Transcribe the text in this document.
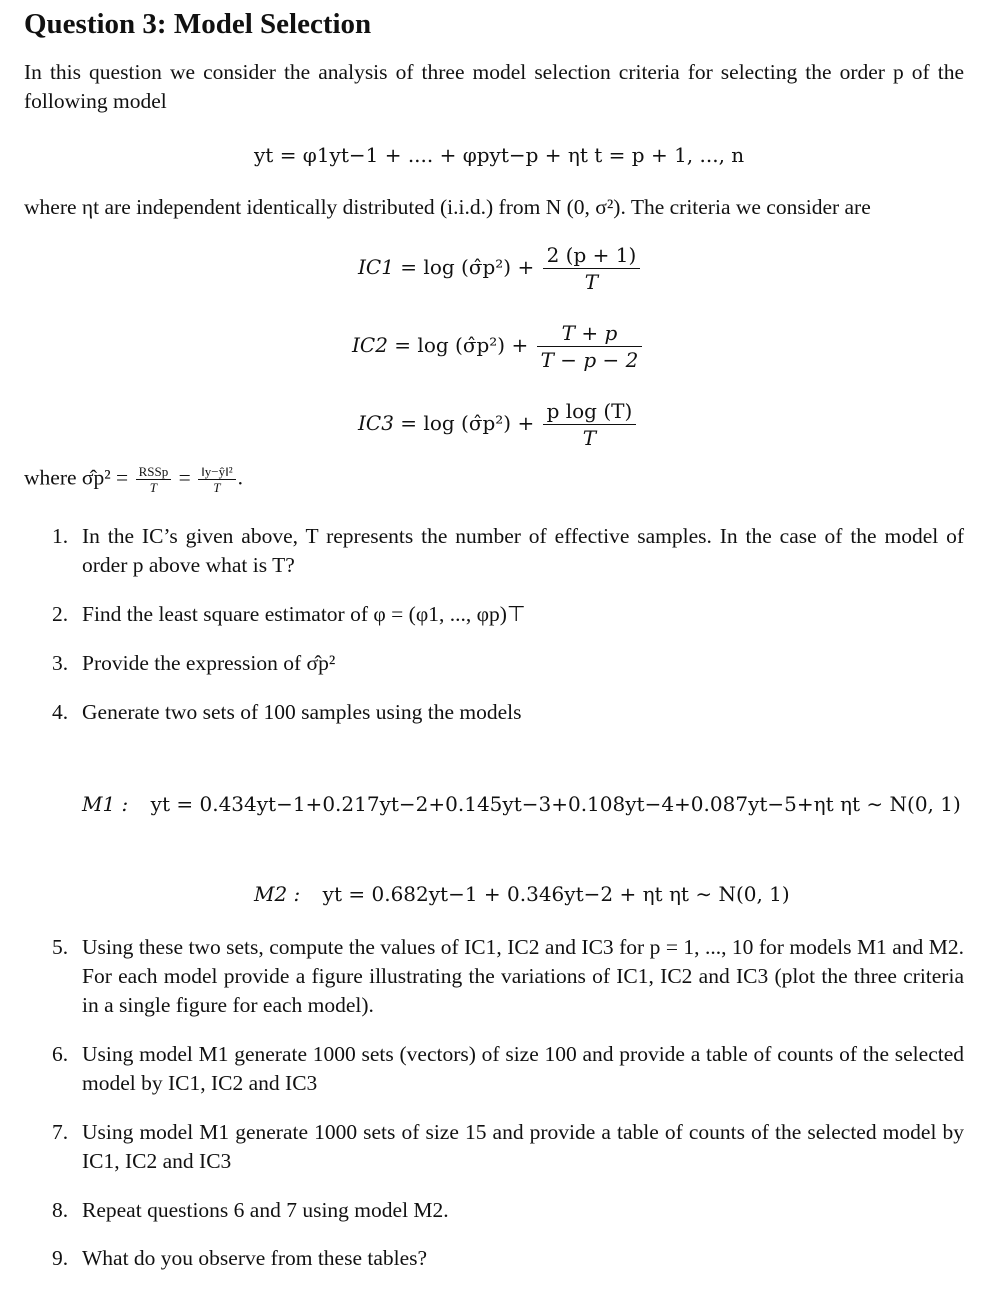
Question 3: Model Selection
In this question we consider the analysis of three model selection criteria for selecting the order p of the following model
yt = φ1yt−1 + .... + φpyt−p + ηt t = p + 1, ..., n
where ηt are independent identically distributed (i.i.d.) from N (0, σ²). The criteria we consider are
IC1 = log (σ̂p²) + $\frac{2 (p + 1)}{T}$
IC2 = log (σ̂p²) + $\frac{T + p}{T - p - 2}$
IC3 = log (σ̂p²) + $\frac{\text{p log (T)}}{T}$
where σ̂p² = $\frac{\text{RSSp}}{T} = \frac{\text{‖y−ŷ‖²}}{T}$ .
1. In the IC’s given above, T represents the number of effective samples. In the case of the model of order p above what is T?
2. Find the least square estimator of φ = (φ1, ..., φp)⊤
3. Provide the expression of σ̂p²
4. Generate two sets of 100 samples using the models
M1 : yt = 0.434yt−1+0.217yt−2+0.145yt−3+0.108yt−4+0.087yt−5+ηt ηt ∼ N(0, 1)
M2 : yt = 0.682yt−1 + 0.346yt−2 + ηt ηt ∼ N(0, 1)
5. Using these two sets, compute the values of IC1, IC2 and IC3 for p = 1, ..., 10 for models M1 and M2. For each model provide a figure illustrating the variations of IC1, IC2 and IC3 (plot the three criteria in a single figure for each model).
6. Using model M1 generate 1000 sets (vectors) of size 100 and provide a table of counts of the selected model by IC1, IC2 and IC3
7. Using model M1 generate 1000 sets of size 15 and provide a table of counts of the selected model by IC1, IC2 and IC3
8. Repeat questions 6 and 7 using model M2.
9. What do you observe from these tables?
